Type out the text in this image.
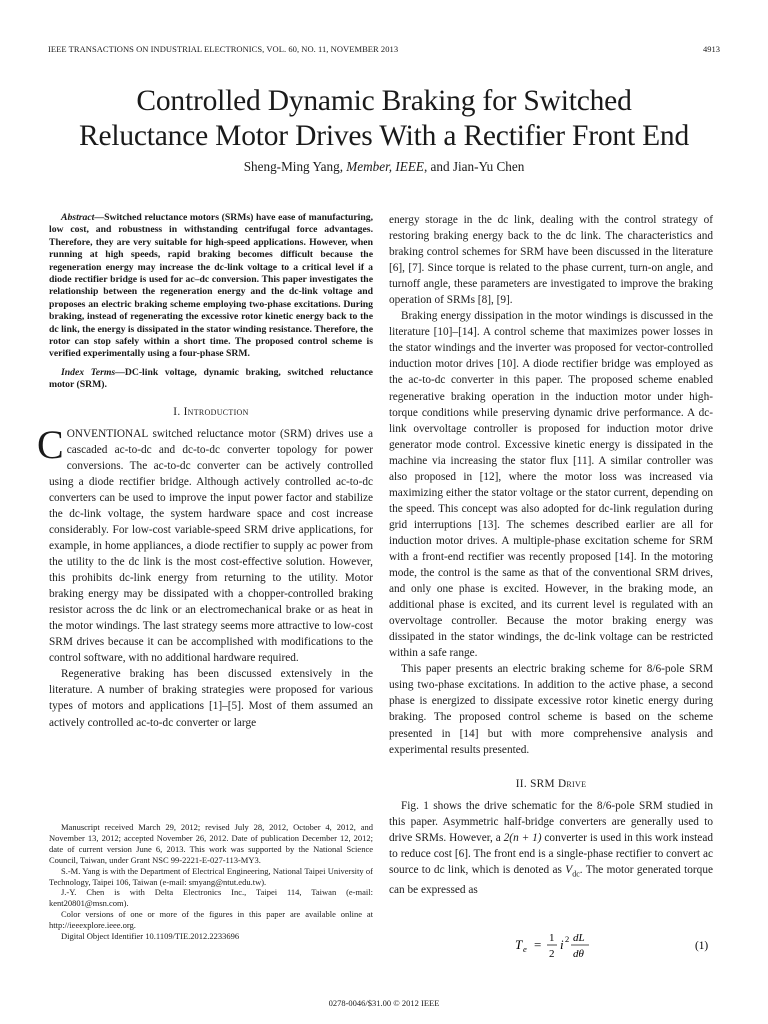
IEEE TRANSACTIONS ON INDUSTRIAL ELECTRONICS, VOL. 60, NO. 11, NOVEMBER 2013	4913
Controlled Dynamic Braking for Switched
Reluctance Motor Drives With a Rectifier Front End
Sheng-Ming Yang, Member, IEEE, and Jian-Yu Chen

Abstract—Switched reluctance motors (SRMs) have ease of manufacturing, low cost, and robustness in withstanding centrifugal force advantages. Therefore, they are very suitable for high-speed applications. However, when running at high speeds, rapid braking becomes difficult because the regeneration energy may increase the dc-link voltage to a critical level if a diode rectifier bridge is used for ac–dc conversion. This paper investigates the relationship between the regeneration energy and the dc-link voltage and proposes an electric braking scheme employing two-phase excitations. During braking, instead of regenerating the excessive rotor kinetic energy back to the dc link, the energy is dissipated in the stator winding resistance. Therefore, the rotor can stop safely within a short time. The proposed control scheme is verified experimentally using a four-phase SRM.

Index Terms—DC-link voltage, dynamic braking, switched reluctance motor (SRM).

I. Introduction

CONVENTIONAL switched reluctance motor (SRM) drives use a cascaded ac-to-dc and dc-to-dc converter topology for power conversions. The ac-to-dc converter can be actively controlled using a diode rectifier bridge. Although actively controlled ac-to-dc converters can be used to improve the input power factor and stabilize the dc-link voltage, the system hardware space and cost increase considerably. For low-cost variable-speed SRM drive applications, for example, in home appliances, a diode rectifier to supply ac power from the utility to the dc link is the most cost-effective solution. However, this prohibits dc-link energy from returning to the utility. Motor braking energy may be dissipated with a chopper-controlled braking resistor across the dc link or an electromechanical brake or as heat in the motor windings. The last strategy seems more attractive to low-cost SRM drives because it can be accomplished with modifications to the control software, with no additional hardware required.

Regenerative braking has been discussed extensively in the literature. A number of braking strategies were proposed for various types of motors and applications [1]–[5]. Most of them assumed an actively controlled ac-to-dc converter or large

Manuscript received March 29, 2012; revised July 28, 2012, October 4, 2012, and November 13, 2012; accepted November 26, 2012. Date of publication December 12, 2012; date of current version June 6, 2013. This work was supported by the National Science Council, Taiwan, under Grant NSC 99-2221-E-027-113-MY3.

S.-M. Yang is with the Department of Electrical Engineering, National Taipei University of Technology, Taipei 106, Taiwan (e-mail: smyang@ntut.edu.tw).

J.-Y. Chen is with Delta Electronics Inc., Taipei 114, Taiwan (e-mail: kent20801@msn.com).

Color versions of one or more of the figures in this paper are available online at http://ieeexplore.ieee.org.

Digital Object Identifier 10.1109/TIE.2012.2233696

energy storage in the dc link, dealing with the control strategy of restoring braking energy back to the dc link. The characteristics and braking control schemes for SRM have been discussed in the literature [6], [7]. Since torque is related to the phase current, turn-on angle, and turnoff angle, these parameters are investigated to improve the braking operation of SRMs [8], [9].

Braking energy dissipation in the motor windings is discussed in the literature [10]–[14]. A control scheme that maximizes power losses in the stator windings and the inverter was proposed for vector-controlled induction motor drives [10]. A diode rectifier bridge was employed as the ac-to-dc converter in this paper. The proposed scheme enabled regenerative braking operation in the induction motor under high-torque conditions while preserving dynamic drive performance. A dc-link overvoltage controller is proposed for induction motor drive generator mode control. Excessive kinetic energy is dissipated in the machine via increasing the stator flux [11]. A similar controller was also proposed in [12], where the motor loss was increased via maximizing either the stator voltage or the stator current, depending on the speed. This concept was also adopted for dc-link regulation during grid interruptions [13]. The schemes described earlier are all for induction motor drives. A multiple-phase excitation scheme for SRM with a front-end rectifier was recently proposed [14]. In the motoring mode, the control is the same as that of the conventional SRM drives, and only one phase is excited. However, in the braking mode, an additional phase is excited, and its current level is regulated with an overvoltage controller. Because the motor braking energy was dissipated in the stator windings, the dc-link voltage can be restricted within a safe range.

This paper presents an electric braking scheme for 8/6-pole SRM using two-phase excitations. In addition to the active phase, a second phase is energized to dissipate excessive rotor kinetic energy during braking. The proposed control scheme is based on the scheme presented in [14] but with more comprehensive analysis and experimental results presented.

II. SRM Drive

Fig. 1 shows the drive schematic for the 8/6-pole SRM studied in this paper. Asymmetric half-bridge converters are generally used to drive SRMs. However, a 2(n + 1) converter is used in this work instead to reduce cost [6]. The front end is a single-phase rectifier to convert ac source to dc link, which is denoted as $V_{dc}$. The motor generated torque can be expressed as

T e = 1
2
i 2 dL
dθ
(1)
0278-0046/$31.00 © 2012 IEEE
